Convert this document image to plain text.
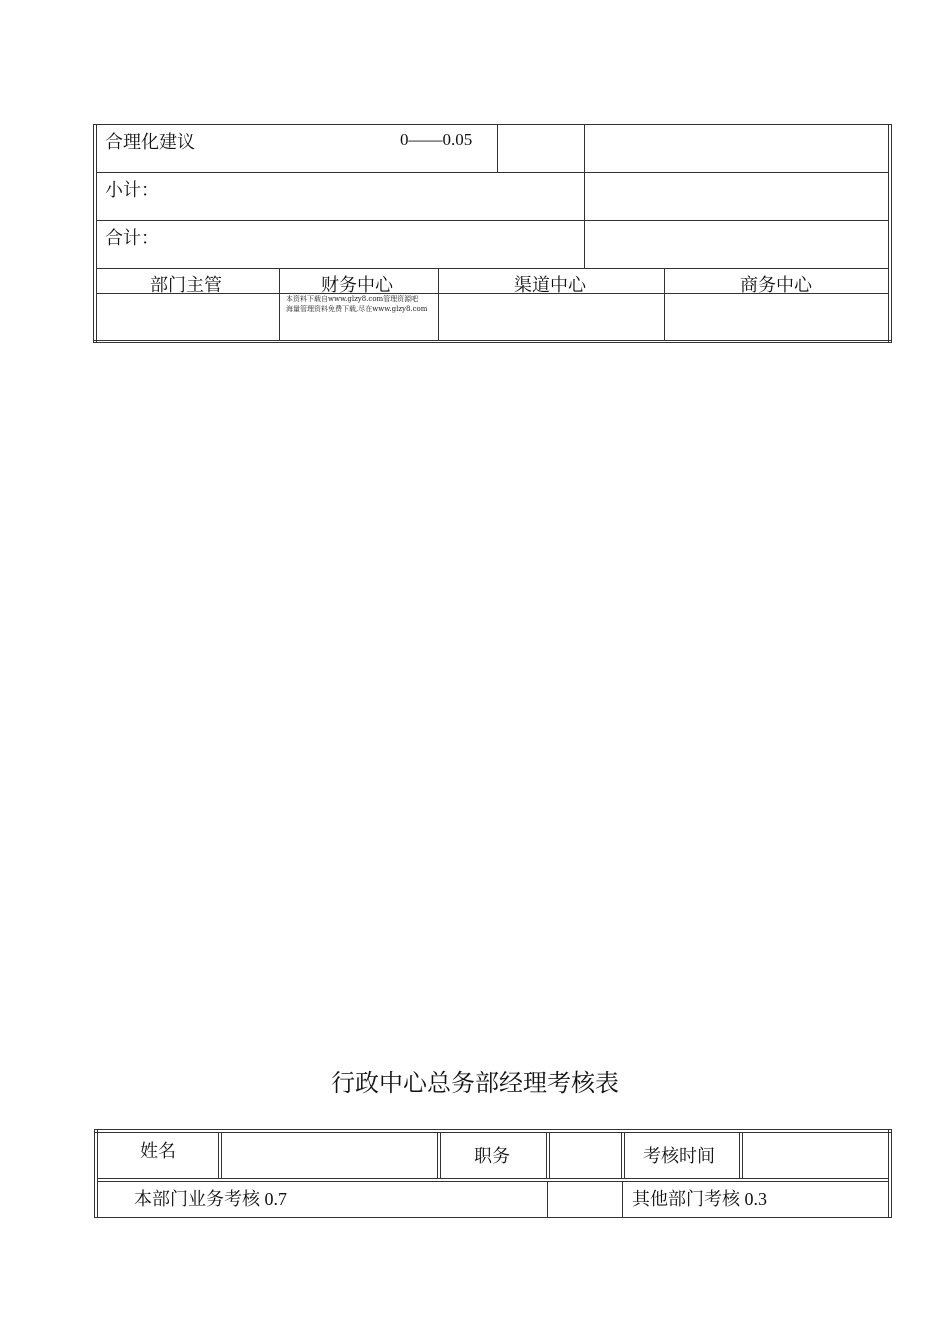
合理化建议	0——0.05
小计：
合计：
部门主管	财务中心	渠道中心	商务中心
本资料下载自www.glzy8.com管理资源吧
海量管理资料免费下载,尽在www.glzy8.com
行政中心总务部经理考核表
姓名	职务	考核时间
本部门业务考核 0.7	其他部门考核 0.3
